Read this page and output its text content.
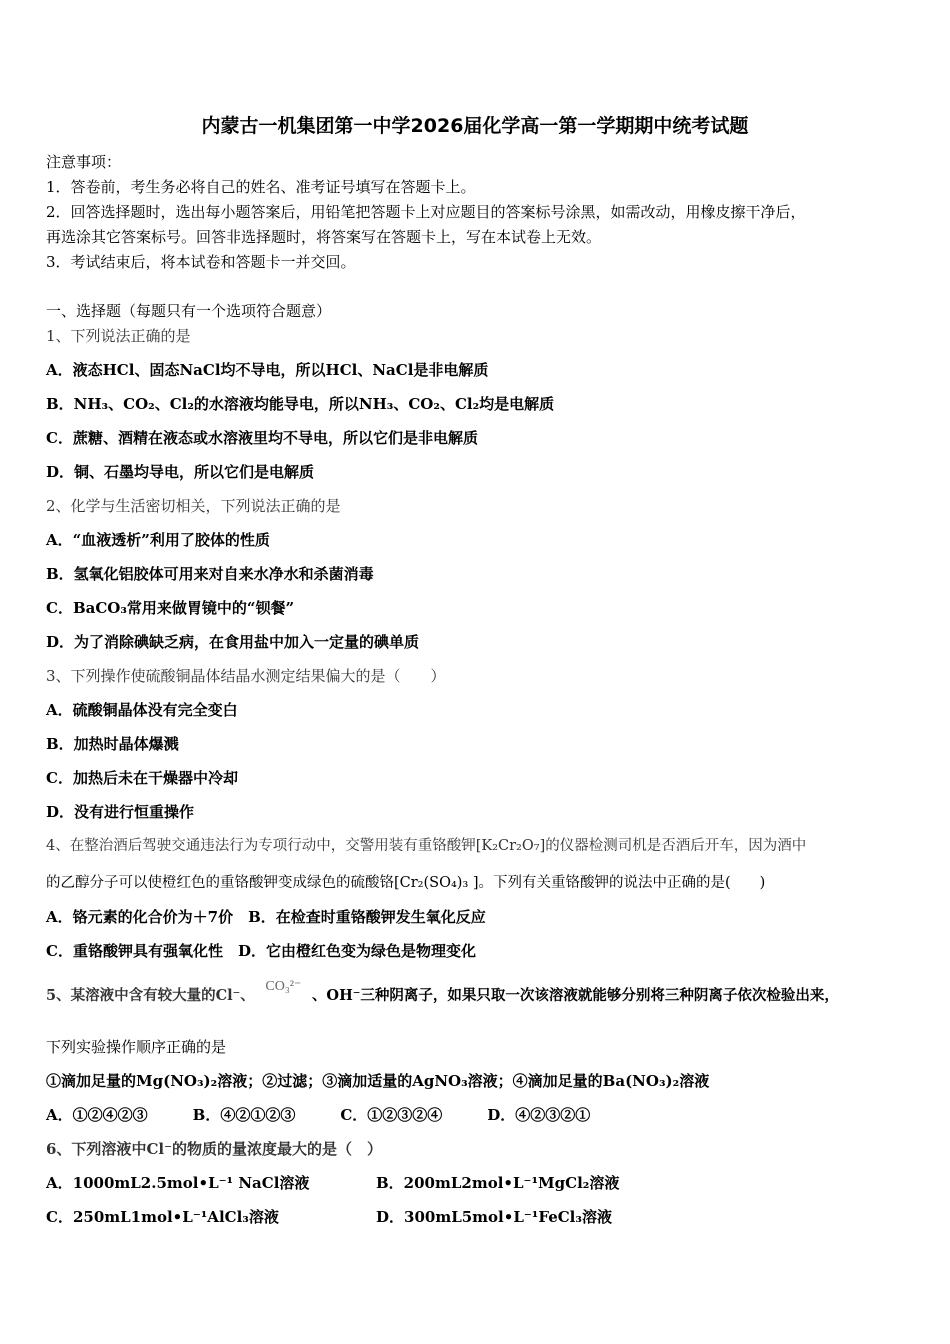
内蒙古一机集团第一中学2026届化学高一第一学期期中统考试题
注意事项：
1．答卷前，考生务必将自己的姓名、准考证号填写在答题卡上。
2．回答选择题时，选出每小题答案后，用铅笔把答题卡上对应题目的答案标号涂黑，如需改动，用橡皮擦干净后，
再选涂其它答案标号。回答非选择题时，将答案写在答题卡上，写在本试卷上无效。
3．考试结束后，将本试卷和答题卡一并交回。
一、选择题（每题只有一个选项符合题意）
1、下列说法正确的是
A．液态HCl、固态NaCl均不导电，所以HCl、NaCl是非电解质
B．NH₃、CO₂、Cl₂的水溶液均能导电，所以NH₃、CO₂、Cl₂均是电解质
C．蔗糖、酒精在液态或水溶液里均不导电，所以它们是非电解质
D．铜、石墨均导电，所以它们是电解质
2、化学与生活密切相关，下列说法正确的是
A．“血液透析”利用了胶体的性质
B．氢氧化铝胶体可用来对自来水净水和杀菌消毒
C．BaCO₃常用来做胃镜中的“钡餐”
D．为了消除碘缺乏病，在食用盐中加入一定量的碘单质
3、下列操作使硫酸铜晶体结晶水测定结果偏大的是（　　）
A．硫酸铜晶体没有完全变白
B．加热时晶体爆溅
C．加热后未在干燥器中冷却
D．没有进行恒重操作
4、在整治酒后驾驶交通违法行为专项行动中，交警用装有重铬酸钾[K₂Cr₂O₇]的仪器检测司机是否酒后开车，因为酒中
的乙醇分子可以使橙红色的重铬酸钾变成绿色的硫酸铬[Cr₂(SO₄)₃ ]。下列有关重铬酸钾的说法中正确的是(　　)
A．铬元素的化合价为＋7价　B．在检查时重铬酸钾发生氧化反应
C．重铬酸钾具有强氧化性　D．它由橙红色变为绿色是物理变化
5、某溶液中含有较大量的Cl⁻、 CO₃²⁻ 、OH⁻三种阴离子，如果只取一次该溶液就能够分别将三种阴离子依次检验出来，
下列实验操作顺序正确的是
①滴加足量的Mg(NO₃)₂溶液；②过滤；③滴加适量的AgNO₃溶液；④滴加足量的Ba(NO₃)₂溶液
A．①②④②③　　　B．④②①②③　　　C．①②③②④　　　D．④②③②①
6、下列溶液中Cl⁻的物质的量浓度最大的是（　）
A．1000mL2.5mol•L⁻¹ NaCl溶液	B．200mL2mol•L⁻¹MgCl₂溶液
C．250mL1mol•L⁻¹AlCl₃溶液	D．300mL5mol•L⁻¹FeCl₃溶液
